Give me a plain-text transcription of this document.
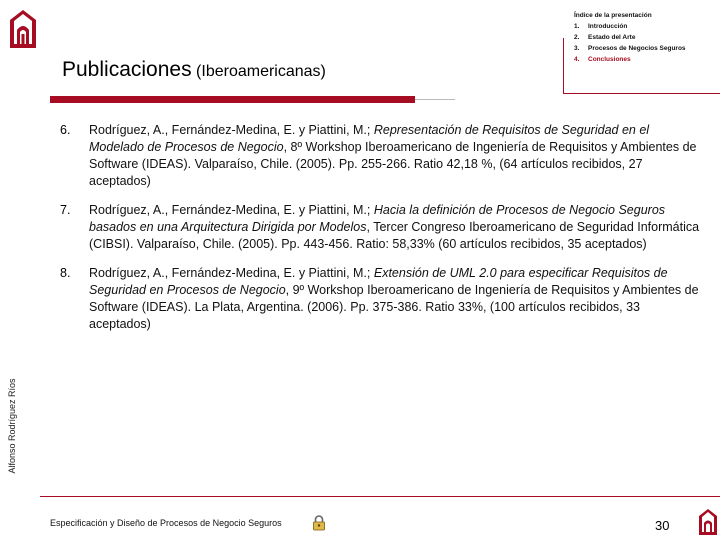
Alfonso Rodríguez Ríos
Índice de la presentación
1.	Introducción
2.	Estado del Arte
3.	Procesos de Negocios Seguros
4.	Conclusiones
Publicaciones (Iberoamericanas)
6.	Rodríguez, A., Fernández-Medina, E. y Piattini, M.; Representación de Requisitos de Seguridad en el Modelado de Procesos de Negocio, 8º Workshop Iberoamericano de Ingeniería de Requisitos y Ambientes de Software (IDEAS). Valparaíso, Chile. (2005). Pp. 255-266. Ratio 42,18 %, (64 artículos recibidos, 27 aceptados)
7.	Rodríguez, A., Fernández-Medina, E. y Piattini, M.; Hacia la definición de Procesos de Negocio Seguros basados en una Arquitectura Dirigida por Modelos, Tercer Congreso Iberoamericano de Seguridad Informática (CIBSI). Valparaíso, Chile. (2005). Pp. 443-456. Ratio: 58,33% (60 artículos recibidos, 35 aceptados)
8.	Rodríguez, A., Fernández-Medina, E. y Piattini, M.; Extensión de UML 2.0 para especificar Requisitos de Seguridad en Procesos de Negocio, 9º Workshop Iberoamericano de Ingeniería de Requisitos y Ambientes de Software (IDEAS). La Plata, Argentina. (2006). Pp. 375-386. Ratio 33%, (100 artículos recibidos, 33 aceptados)
Especificación y Diseño de Procesos de Negocio Seguros	30
